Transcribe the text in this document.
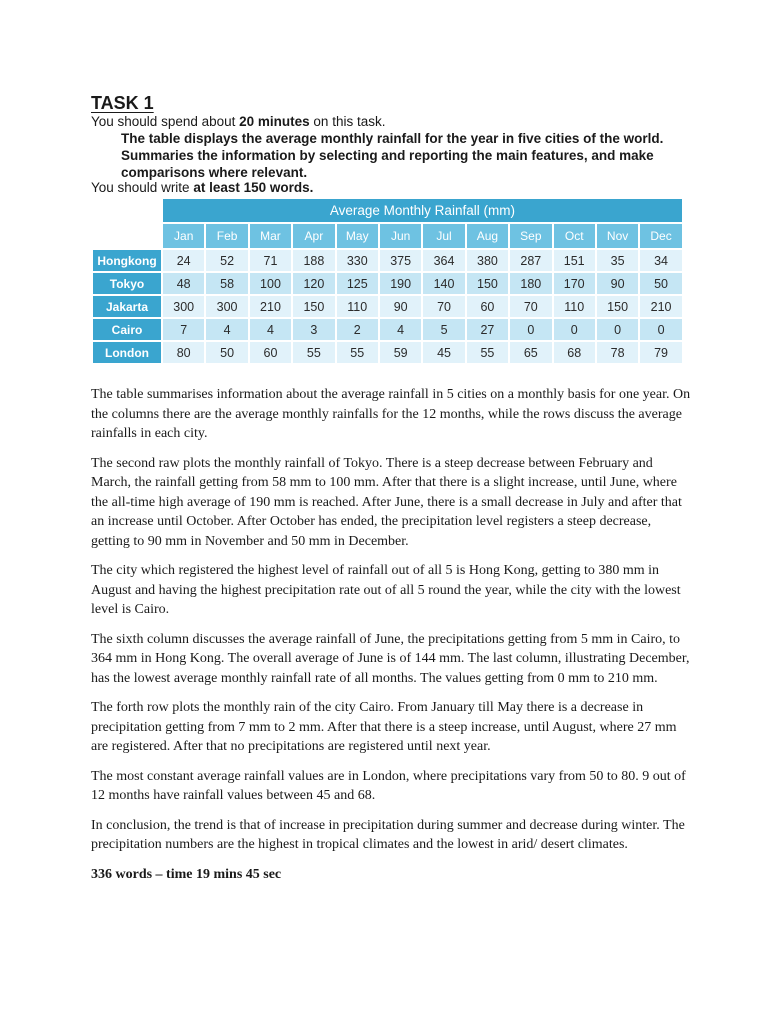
TASK 1
You should spend about 20 minutes on this task.
The table displays the average monthly rainfall for the year in five cities of the world.
Summaries the information by selecting and reporting the main features, and make
comparisons where relevant.
You should write at least 150 words.
	Average Monthly Rainfall (mm)											
	Jan	Feb	Mar	Apr	May	Jun	Jul	Aug	Sep	Oct	Nov	Dec
Hongkong	24	52	71	188	330	375	364	380	287	151	35	34
Tokyo	48	58	100	120	125	190	140	150	180	170	90	50
Jakarta	300	300	210	150	110	90	70	60	70	110	150	210
Cairo	7	4	4	3	2	4	5	27	0	0	0	0
London	80	50	60	55	55	59	45	55	65	68	78	79

The table summarises information about the average rainfall in 5 cities on a monthly basis for one year. On the columns there are the average monthly rainfalls for the 12 months, while the rows discuss the average rainfalls in each city.

The second raw plots the monthly rainfall of Tokyo. There is a steep decrease between February and March, the rainfall getting from 58 mm to 100 mm. After that there is a slight increase, until June, where the all-time high average of 190 mm is reached. After June, there is a small decrease in July and after that an increase until October. After October has ended, the precipitation level registers a steep decrease, getting to 90 mm in November and 50 mm in December.

The city which registered the highest level of rainfall out of all 5 is Hong Kong, getting to 380 mm in August and having the highest precipitation rate out of all 5 round the year, while the city with the lowest level is Cairo.

The sixth column discusses the average rainfall of June, the precipitations getting from 5 mm in Cairo, to 364 mm in Hong Kong. The overall average of June is of 144 mm. The last column, illustrating December, has the lowest average monthly rainfall rate of all months. The values getting from 0 mm to 210 mm.

The forth row plots the monthly rain of the city Cairo. From January till May there is a decrease in precipitation getting from 7 mm to 2 mm. After that there is a steep increase, until August, where 27 mm are registered. After that no precipitations are registered until next year.

The most constant average rainfall values are in London, where precipitations vary from 50 to 80. 9 out of 12 months have rainfall values between 45 and 68.

In conclusion, the trend is that of increase in precipitation during summer and decrease during winter. The precipitation numbers are the highest in tropical climates and the lowest in arid/ desert climates.

336 words – time 19 mins 45 sec
